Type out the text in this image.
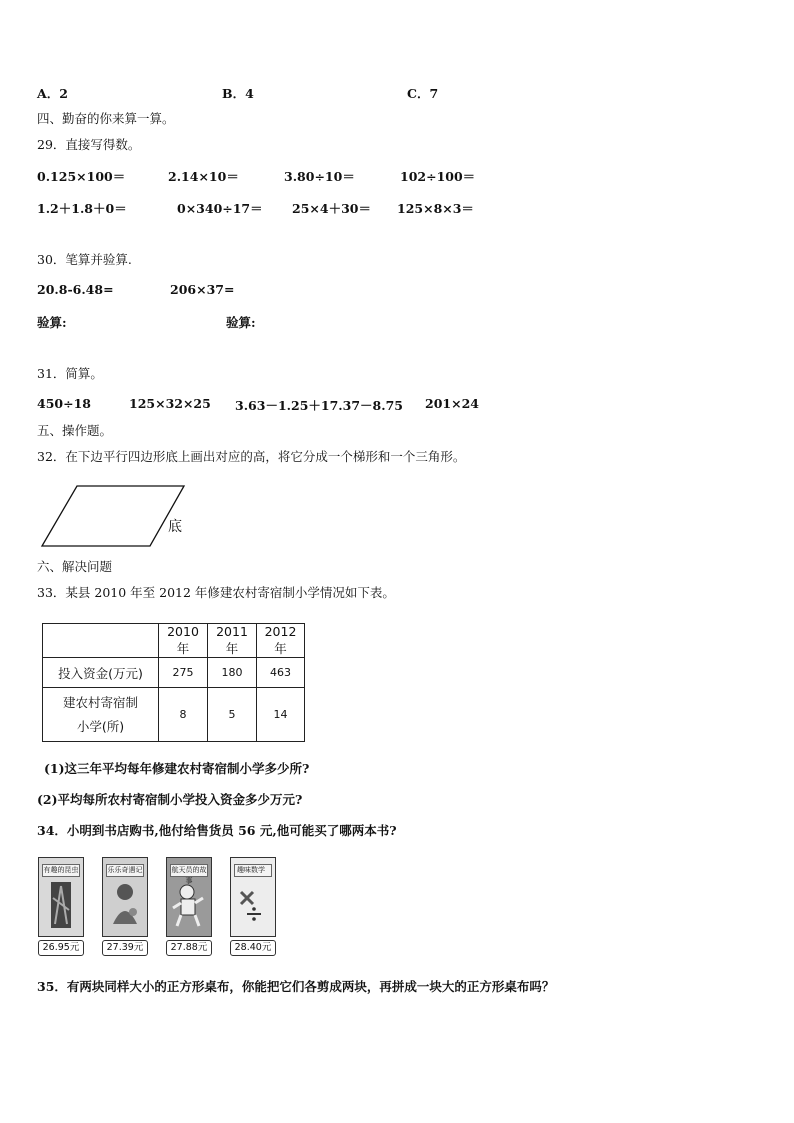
A．2	B．4	C．7
四、勤奋的你来算一算。
29．直接写得数。
0.125×100＝	2.14×10＝	3.80÷10＝	102÷100＝
1.2＋1.8＋0＝	0×340÷17＝ 25×4＋30＝ 125×8×3＝
30．笔算并验算.
20.8-6.48=	206×37=
验算:	验算:
31．简算。
450÷18	125×32×25 3.63－1.25＋17.37－8.75 201×24
五、操作题。
32．在下边平行四边形底上画出对应的高，将它分成一个梯形和一个三角形。
底
六、解决问题
33．某县 2010 年至 2012 年修建农村寄宿制小学情况如下表。
	2010 年	2011 年	2012 年
投入资金(万元)	275	180	463

建农村寄宿制
小学(所)	8	5	14
(1)这三年平均每年修建农村寄宿制小学多少所?
(2)平均每所农村寄宿制小学投入资金多少万元?
34．小明到书店购书,他付给售货员 56 元,他可能买了哪两本书?
有趣的昆虫
26.95元
乐乐奇遇记
27.39元
航天员的故事
27.88元
趣味数学
28.40元
35．有两块同样大小的正方形桌布，你能把它们各剪成两块，再拼成一块大的正方形桌布吗？
